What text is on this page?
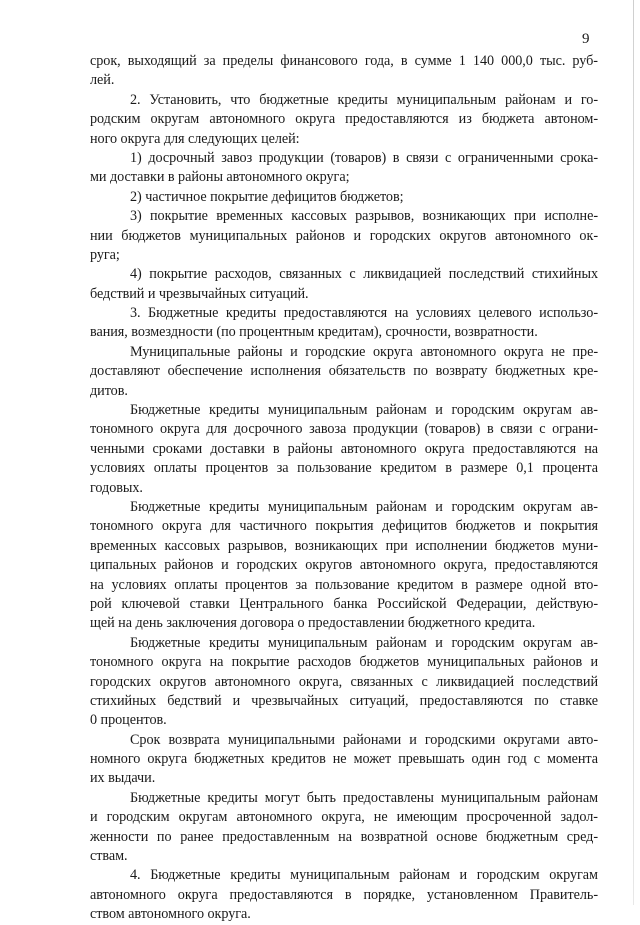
9
срок, выходящий за пределы финансового года, в сумме 1 140 000,0 тыс. руб-
лей.
2. Установить, что бюджетные кредиты муниципальным районам и го-
родским округам автономного округа предоставляются из бюджета автоном-
ного округа для следующих целей:
1) досрочный завоз продукции (товаров) в связи с ограниченными срока-
ми доставки в районы автономного округа;
2) частичное покрытие дефицитов бюджетов;
3) покрытие временных кассовых разрывов, возникающих при исполне-
нии бюджетов муниципальных районов и городских округов автономного ок-
руга;
4) покрытие расходов, связанных с ликвидацией последствий стихийных
бедствий и чрезвычайных ситуаций.
3. Бюджетные кредиты предоставляются на условиях целевого использо-
вания, возмездности (по процентным кредитам), срочности, возвратности.
Муниципальные районы и городские округа автономного округа не пре-
доставляют обеспечение исполнения обязательств по возврату бюджетных кре-
дитов.
Бюджетные кредиты муниципальным районам и городским округам ав-
тономного округа для досрочного завоза продукции (товаров) в связи с ограни-
ченными сроками доставки в районы автономного округа предоставляются на
условиях оплаты процентов за пользование кредитом в размере 0,1 процента
годовых.
Бюджетные кредиты муниципальным районам и городским округам ав-
тономного округа для частичного покрытия дефицитов бюджетов и покрытия
временных кассовых разрывов, возникающих при исполнении бюджетов муни-
ципальных районов и городских округов автономного округа, предоставляются
на условиях оплаты процентов за пользование кредитом в размере одной вто-
рой ключевой ставки Центрального банка Российской Федерации, действую-
щей на день заключения договора о предоставлении бюджетного кредита.
Бюджетные кредиты муниципальным районам и городским округам ав-
тономного округа на покрытие расходов бюджетов муниципальных районов и
городских округов автономного округа, связанных с ликвидацией последствий
стихийных бедствий и чрезвычайных ситуаций, предоставляются по ставке
0 процентов.
Срок возврата муниципальными районами и городскими округами авто-
номного округа бюджетных кредитов не может превышать один год с момента
их выдачи.
Бюджетные кредиты могут быть предоставлены муниципальным районам
и городским округам автономного округа, не имеющим просроченной задол-
женности по ранее предоставленным на возвратной основе бюджетным сред-
ствам.
4. Бюджетные кредиты муниципальным районам и городским округам
автономного округа предоставляются в порядке, установленном Правитель-
ством автономного округа.
